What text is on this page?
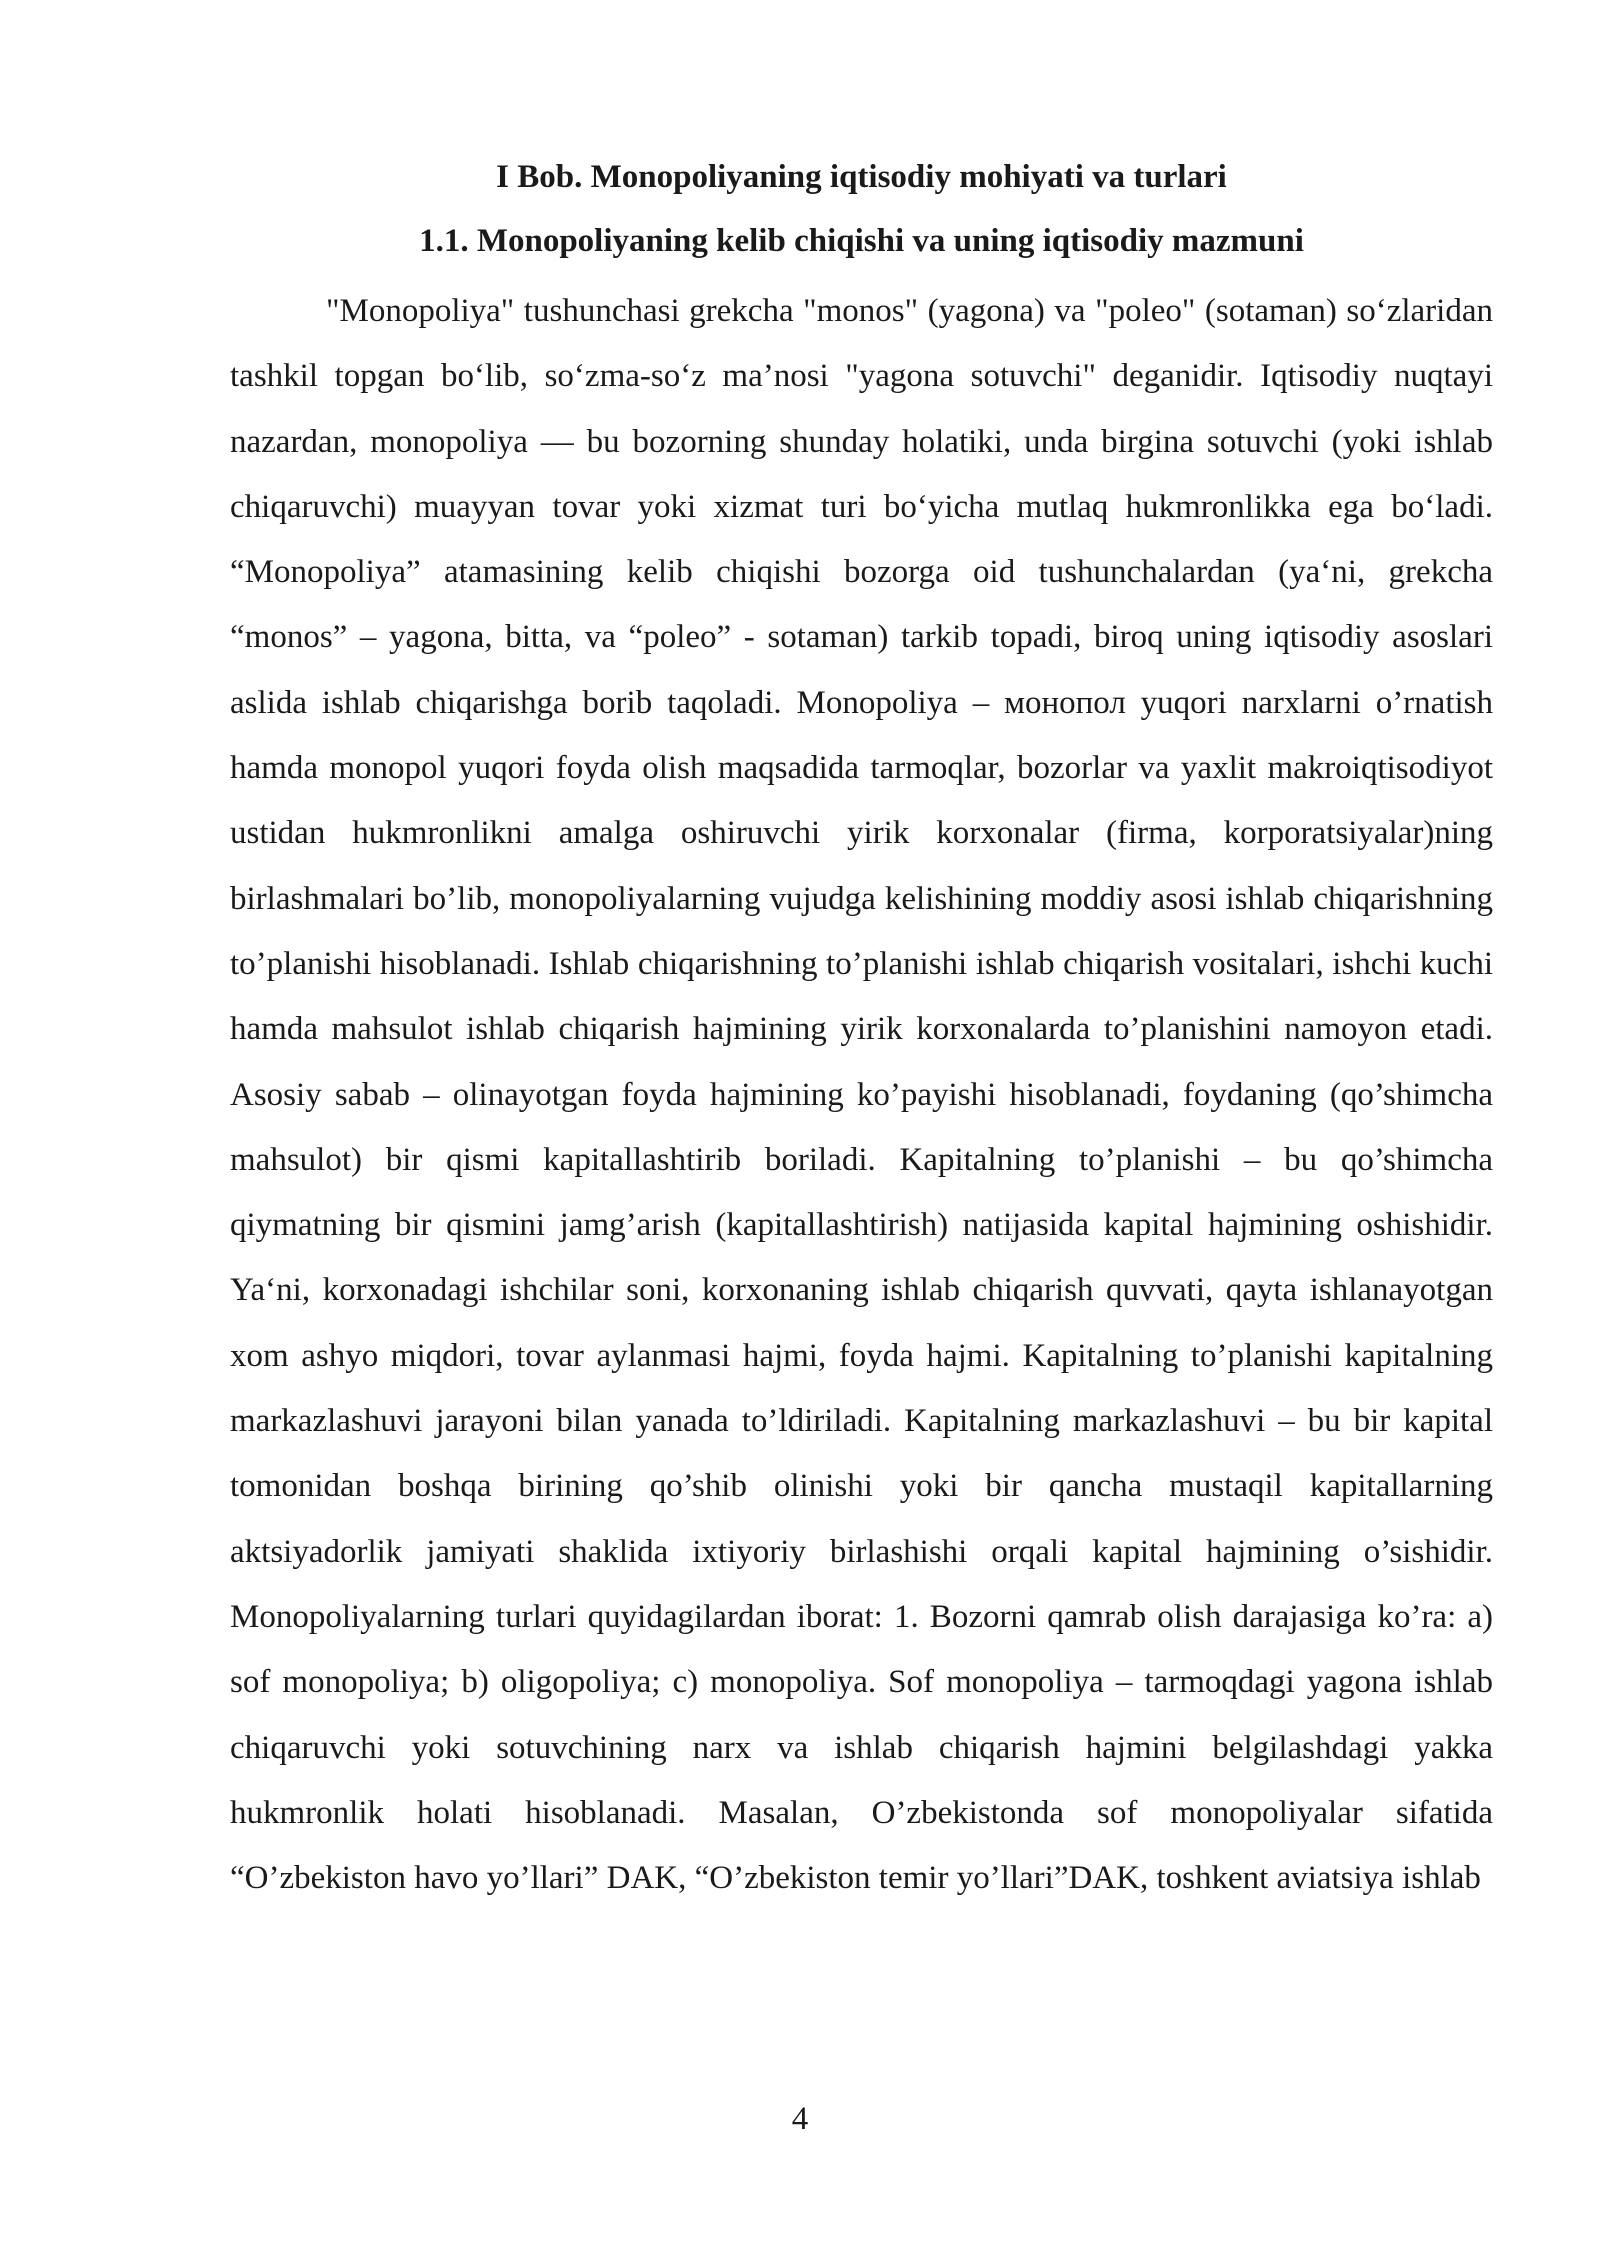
I Bob. Monopoliyaning iqtisodiy mohiyati va turlari
1.1. Monopoliyaning kelib chiqishi va uning iqtisodiy mazmuni

"Monopoliya" tushunchasi grekcha "monos" (yagona) va "poleo" (sotaman) so‘zlaridan tashkil topgan bo‘lib, so‘zma-so‘z ma’nosi "yagona sotuvchi" deganidir. Iqtisodiy nuqtayi nazardan, monopoliya — bu bozorning shunday holatiki, unda birgina sotuvchi (yoki ishlab chiqaruvchi) muayyan tovar yoki xizmat turi bo‘yicha mutlaq hukmronlikka ega bo‘ladi. “Monopoliya” atamasining kelib chiqishi bozorga oid tushunchalardan (ya‘ni, grekcha “monos” – yagona, bitta, va “poleo” - sotaman) tarkib topadi, biroq uning iqtisodiy asoslari aslida ishlab chiqarishga borib taqoladi. Monopoliya – монопол yuqori narxlarni o’rnatish hamda monopol yuqori foyda olish maqsadida tarmoqlar, bozorlar va yaxlit makroiqtisodiyot ustidan hukmronlikni amalga oshiruvchi yirik korxonalar (firma, korporatsiyalar)ning birlashmalari bo’lib, monopoliyalarning vujudga kelishining moddiy asosi ishlab chiqarishning to’planishi hisoblanadi. Ishlab chiqarishning to’planishi ishlab chiqarish vositalari, ishchi kuchi hamda mahsulot ishlab chiqarish hajmining yirik korxonalarda to’planishini namoyon etadi. Asosiy sabab – olinayotgan foyda hajmining ko’payishi hisoblanadi, foydaning (qo’shimcha mahsulot) bir qismi kapitallashtirib boriladi. Kapitalning to’planishi – bu qo’shimcha qiymatning bir qismini jamg’arish (kapitallashtirish) natijasida kapital hajmining oshishidir. Ya‘ni, korxonadagi ishchilar soni, korxonaning ishlab chiqarish quvvati, qayta ishlanayotgan xom ashyo miqdori, tovar aylanmasi hajmi, foyda hajmi. Kapitalning to’planishi kapitalning markazlashuvi jarayoni bilan yanada to’ldiriladi. Kapitalning markazlashuvi – bu bir kapital tomonidan boshqa birining qo’shib olinishi yoki bir qancha mustaqil kapitallarning aktsiyadorlik jamiyati shaklida ixtiyoriy birlashishi orqali kapital hajmining o’sishidir. Monopoliyalarning turlari quyidagilardan iborat: 1. Bozorni qamrab olish darajasiga ko’ra: a) sof monopoliya; b) oligopoliya; c) monopoliya. Sof monopoliya – tarmoqdagi yagona ishlab chiqaruvchi yoki sotuvchining narx va ishlab chiqarish hajmini belgilashdagi yakka hukmronlik holati hisoblanadi. Masalan, O’zbekistonda sof monopoliyalar sifatida “O’zbekiston havo yo’llari” DAK, “O’zbekiston temir yo’llari”DAK, toshkent aviatsiya ishlab

4
